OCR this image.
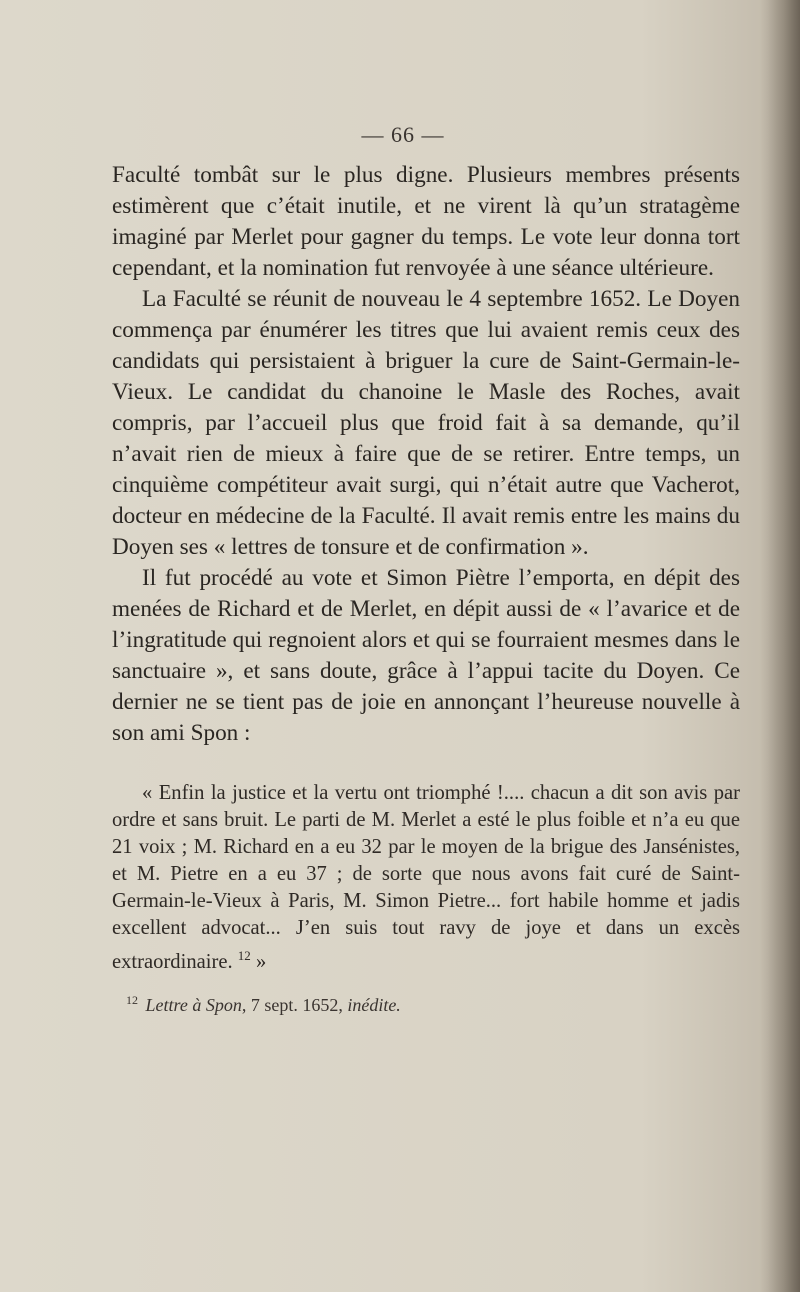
— 66 —

Faculté tombât sur le plus digne. Plusieurs membres présents estimèrent que c’était inutile, et ne virent là qu’un stratagème imaginé par Merlet pour gagner du temps. Le vote leur donna tort cependant, et la nomination fut renvoyée à une séance ultérieure.

La Faculté se réunit de nouveau le 4 septembre 1652. Le Doyen commença par énumérer les titres que lui avaient remis ceux des candidats qui persistaient à briguer la cure de Saint-Germain-le-Vieux. Le candidat du chanoine le Masle des Roches, avait compris, par l’accueil plus que froid fait à sa demande, qu’il n’avait rien de mieux à faire que de se retirer. Entre temps, un cinquième compétiteur avait surgi, qui n’était autre que Vacherot, docteur en médecine de la Faculté. Il avait remis entre les mains du Doyen ses « lettres de tonsure et de confirmation ».

Il fut procédé au vote et Simon Piètre l’emporta, en dépit des menées de Richard et de Merlet, en dépit aussi de « l’avarice et de l’ingratitude qui regnoient alors et qui se fourraient mesmes dans le sanctuaire », et sans doute, grâce à l’appui tacite du Doyen. Ce dernier ne se tient pas de joie en annonçant l’heureuse nouvelle à son ami Spon :

« Enfin la justice et la vertu ont triomphé !.... chacun a dit son avis par ordre et sans bruit. Le parti de M. Merlet a esté le plus foible et n’a eu que 21 voix ; M. Richard en a eu 32 par le moyen de la brigue des Jansénistes, et M. Pietre en a eu 37 ; de sorte que nous avons fait curé de Saint-Germain-le-Vieux à Paris, M. Simon Pietre... fort habile homme et jadis excellent advocat... J’en suis tout ravy de joye et dans un excès extraordinaire. $^{12}$ »

$^{12}$ Lettre à Spon, 7 sept. 1652, inédite.
